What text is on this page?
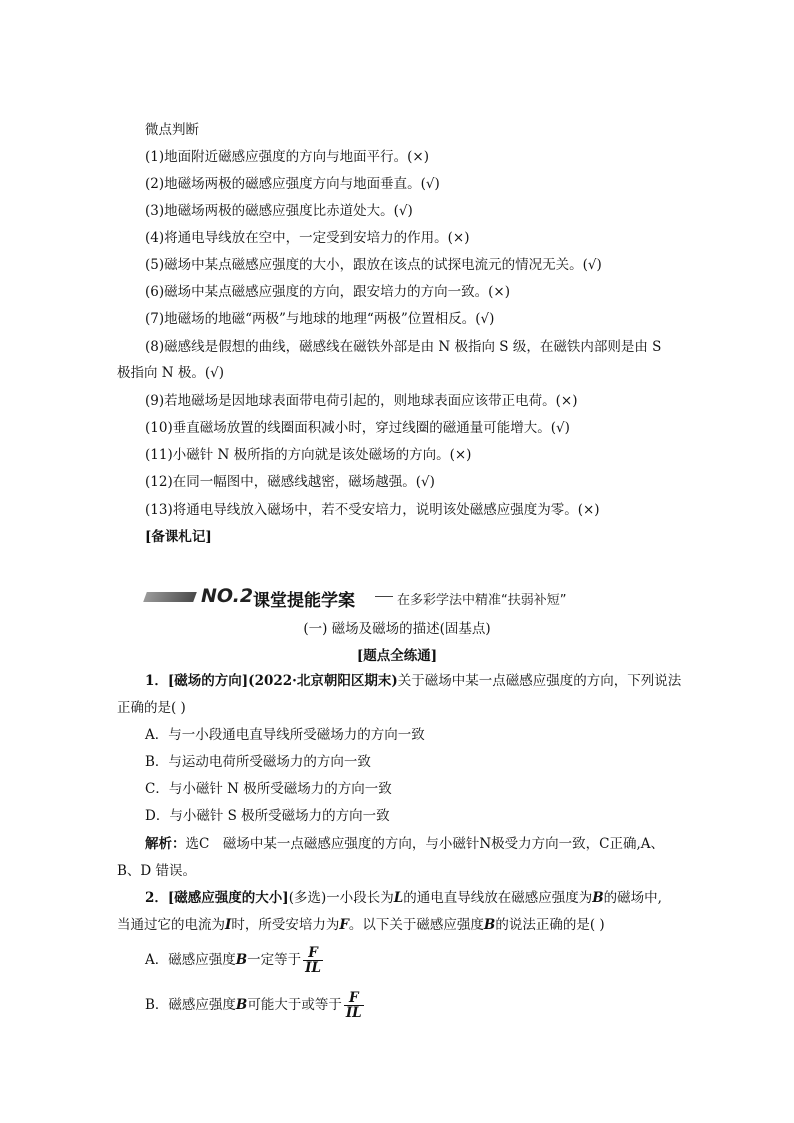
微点判断
(1)地面附近磁感应强度的方向与地面平行。(×)
(2)地磁场两极的磁感应强度方向与地面垂直。(√)
(3)地磁场两极的磁感应强度比赤道处大。(√)
(4)将通电导线放在空中，一定受到安培力的作用。(×)
(5)磁场中某点磁感应强度的大小，跟放在该点的试探电流元的情况无关。(√)
(6)磁场中某点磁感应强度的方向，跟安培力的方向一致。(×)
(7)地磁场的地磁“两极”与地球的地理“两极”位置相反。(√)
(8)磁感线是假想的曲线，磁感线在磁铁外部是由 N 极指向 S 级，在磁铁内部则是由 S
极指向 N 极。(√)
(9)若地磁场是因地球表面带电荷引起的，则地球表面应该带正电荷。(×)
(10)垂直磁场放置的线圈面积减小时，穿过线圈的磁通量可能增大。(√)
(11)小磁针 N 极所指的方向就是该处磁场的方向。(×)
(12)在同一幅图中，磁感线越密，磁场越强。(√)
(13)将通电导线放入磁场中，若不受安培力，说明该处磁感应强度为零。(×)
[备课札记]
NO.2 课堂提能学案	在多彩学法中精准“扶弱补短”
(一) 磁场及磁场的描述(固基点)
[题点全练通]
1．[磁场的方向](2022·北京朝阳区期末)关于磁场中某一点磁感应强度的方向，下列说法
正确的是( )
A．与一小段通电直导线所受磁场力的方向一致
B．与运动电荷所受磁场力的方向一致
C．与小磁针 N 极所受磁场力的方向一致
D．与小磁针 S 极所受磁场力的方向一致
解析：选C　磁场中某一点磁感应强度的方向，与小磁针N极受力方向一致，C正确,A、
B、D 错误。
2．[磁感应强度的大小](多选)一小段长为L的通电直导线放在磁感应强度为B的磁场中,
当通过它的电流为I时，所受安培力为F。以下关于磁感应强度B的说法正确的是( )
A．磁感应强度B一定等于 $\frac{F}{IL}$
B．磁感应强度B可能大于或等于 $\frac{F}{IL}$
